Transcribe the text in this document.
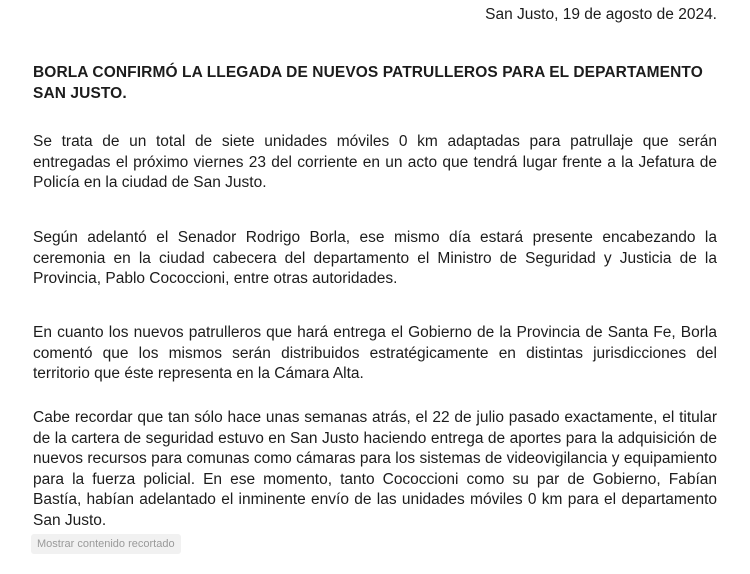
San Justo, 19 de agosto de 2024.
BORLA CONFIRMÓ LA LLEGADA DE NUEVOS PATRULLEROS PARA EL DEPARTAMENTO SAN JUSTO.

Se trata de un total de siete unidades móviles 0 km adaptadas para patrullaje que serán entregadas el próximo viernes 23 del corriente en un acto que tendrá lugar frente a la Jefatura de Policía en la ciudad de San Justo.

Según adelantó el Senador Rodrigo Borla, ese mismo día estará presente encabezando la ceremonia en la ciudad cabecera del departamento el Ministro de Seguridad y Justicia de la Provincia, Pablo Cococcioni, entre otras autoridades.

En cuanto los nuevos patrulleros que hará entrega el Gobierno de la Provincia de Santa Fe, Borla comentó que los mismos serán distribuidos estratégicamente en distintas jurisdicciones del territorio que éste representa en la Cámara Alta.

Cabe recordar que tan sólo hace unas semanas atrás, el 22 de julio pasado exactamente, el titular de la cartera de seguridad estuvo en San Justo haciendo entrega de aportes para la adquisición de nuevos recursos para comunas como cámaras para los sistemas de videovigilancia y equipamiento para la fuerza policial. En ese momento, tanto Cococcioni como su par de Gobierno, Fabían Bastía, habían adelantado el inminente envío de las unidades móviles 0 km para el departamento San Justo.

Mostrar contenido recortado
